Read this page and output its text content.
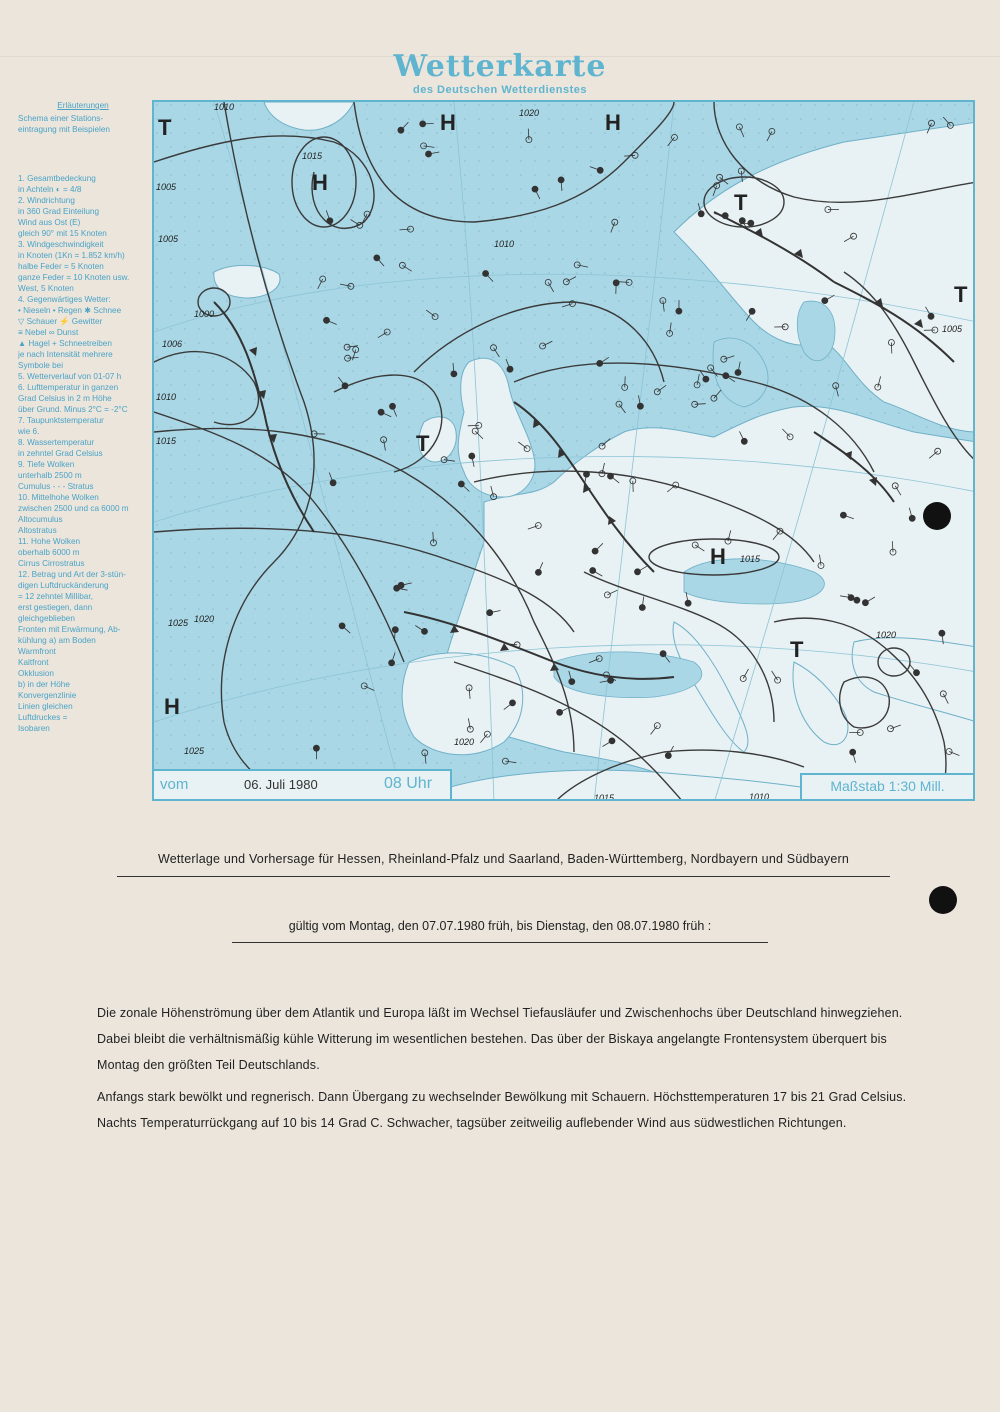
Wetterkarte
des Deutschen Wetterdienstes
Erläuterungen
Schema einer Stations-
eintragung mit Beispielen
1. Gesamtbedeckung
in Achteln ◐ = 4/8
2. Windrichtung
in 360 Grad Einteilung
Wind aus Ost (E)
gleich 90° mit 15 Knoten
3. Windgeschwindigkeit
in Knoten (1Kn = 1.852 km/h)
halbe Feder = 5 Knoten
ganze Feder = 10 Knoten usw.
West, 5 Knoten
4. Gegenwärtiges Wetter:
• Nieseln • Regen ✱ Schnee
▽ Schauer ⚡ Gewitter
≡ Nebel ∞ Dunst
▲ Hagel + Schneetreiben
je nach Intensität mehrere
Symbole bei
5. Wetterverlauf von 01-07 h
6. Lufttemperatur in ganzen
Grad Celsius in 2 m Höhe
über Grund. Minus 2°C = -2°C
7. Taupunktstemperatur
wie 6.
8. Wassertemperatur
in zehntel Grad Celsius
9. Tiefe Wolken
unterhalb 2500 m
Cumulus - - - Stratus
10. Mittelhohe Wolken
zwischen 2500 und ca 6000 m
Altocumulus
Altostratus
11. Hohe Wolken
oberhalb 6000 m
Cirrus Cirrostratus
12. Betrag und Art der 3-stün-
digen Luftdruckänderung
= 12 zehntel Millibar,
erst gestiegen, dann
gleichgeblieben
Fronten mit Erwärmung, Ab-
kühlung a) am Boden
Warmfront
Kaltfront
Okklusion
b) in der Höhe
Konvergenzlinie
Linien gleichen
Luftdruckes =
Isobaren
1010
1015
1005
1005
1000
1006
1010
1015
1020
1025
1025
1020
1010
1005
1015
1020
1015	1010
1020
H
H	H
H
H
T
T
T
T
T
vom	06. Juli 1980	08 Uhr	Maßstab 1:30 Mill.
Wetterlage und Vorhersage für Hessen, Rheinland-Pfalz und Saarland, Baden-Württemberg, Nordbayern und Südbayern
gültig vom Montag, den 07.07.1980 früh, bis Dienstag, den 08.07.1980 früh :
Die zonale Höhenströmung über dem Atlantik und Europa läßt im Wechsel Tiefausläufer und Zwischenhochs über Deutschland hinwegziehen.
Dabei bleibt die verhältnismäßig kühle Witterung im wesentlichen bestehen. Das über der Biskaya angelangte Frontensystem überquert bis
Montag den größten Teil Deutschlands.
Anfangs stark bewölkt und regnerisch. Dann Übergang zu wechselnder Bewölkung mit Schauern. Höchsttemperaturen 17 bis 21 Grad Celsius.
Nachts Temperaturrückgang auf 10 bis 14 Grad C. Schwacher, tagsüber zeitweilig auflebender Wind aus südwestlichen Richtungen.
